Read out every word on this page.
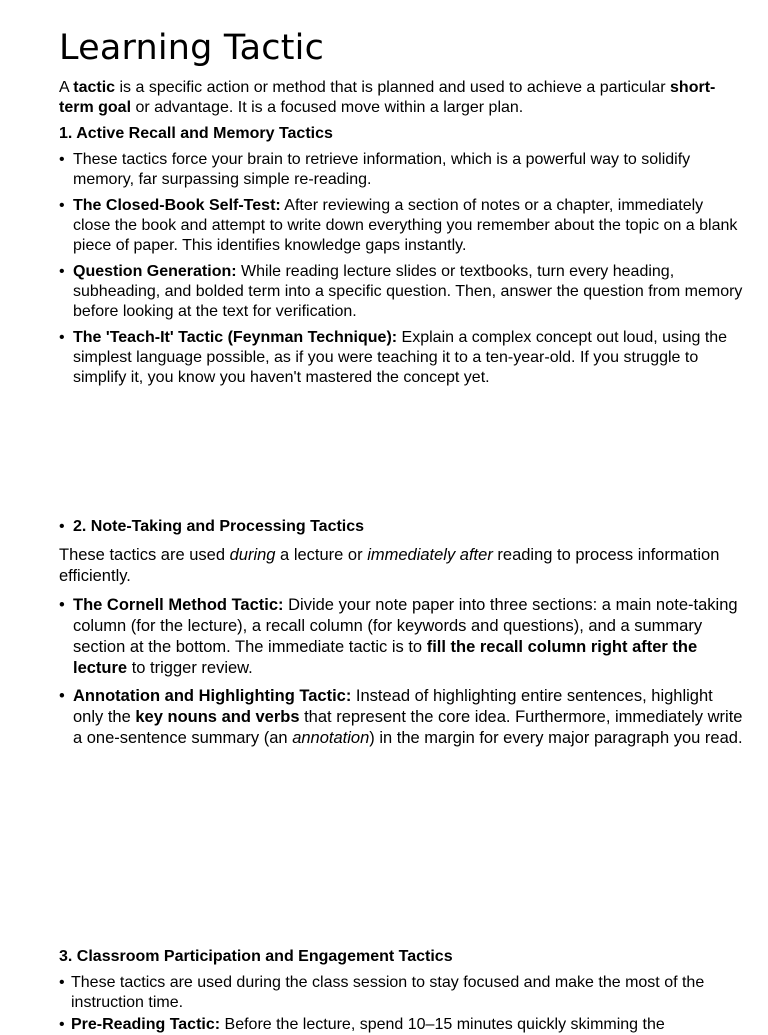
Learning Tactic

A tactic is a specific action or method that is planned and used to achieve a particular short-term goal or advantage. It is a focused move within a larger plan.

1. Active Recall and Memory Tactics
• These tactics force your brain to retrieve information, which is a powerful way to solidify memory, far surpassing simple re-reading.
• The Closed-Book Self-Test: After reviewing a section of notes or a chapter, immediately close the book and attempt to write down everything you remember about the topic on a blank piece of paper. This identifies knowledge gaps instantly.
• Question Generation: While reading lecture slides or textbooks, turn every heading, subheading, and bolded term into a specific question. Then, answer the question from memory before looking at the text for verification.
• The 'Teach-It' Tactic (Feynman Technique): Explain a complex concept out loud, using the simplest language possible, as if you were teaching it to a ten-year-old. If you struggle to simplify it, you know you haven't mastered the concept yet.
• 2. Note-Taking and Processing Tactics

These tactics are used during a lecture or immediately after reading to process information efficiently.

• The Cornell Method Tactic: Divide your note paper into three sections: a main note-taking column (for the lecture), a recall column (for keywords and questions), and a summary section at the bottom. The immediate tactic is to fill the recall column right after the lecture to trigger review.
• Annotation and Highlighting Tactic: Instead of highlighting entire sentences, highlight only the key nouns and verbs that represent the core idea. Furthermore, immediately write a one-sentence summary (an annotation) in the margin for every major paragraph you read.
3. Classroom Participation and Engagement Tactics
• These tactics are used during the class session to stay focused and make the most of the instruction time.
• Pre-Reading Tactic: Before the lecture, spend 10–15 minutes quickly skimming the
